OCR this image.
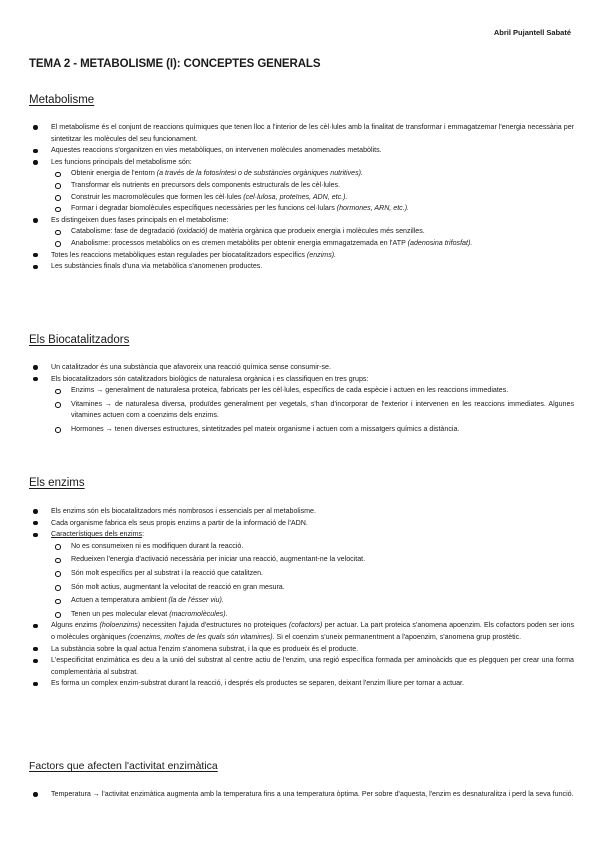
Abril Pujantell Sabaté
TEMA 2 - METABOLISME (I): CONCEPTES GENERALS
Metabolisme
El metabolisme és el conjunt de reaccions químiques que tenen lloc a l'interior de les cèl·lules amb la finalitat de transformar i emmagatzemar l'energia necessària per sintetitzar les molècules del seu funcionament.
Aquestes reaccions s'organitzen en vies metabòliques, on intervenen molècules anomenades metabòlits.
Les funcions principals del metabolisme són:
Obtenir energia de l'entorn (a través de la fotosíntesi o de substàncies orgàniques nutritives).
Transformar els nutrients en precursors dels components estructurals de les cèl·lules.
Construir les macromolècules que formen les cèl·lules (cel·lulosa, proteïnes, ADN, etc.).
Formar i degradar biomolècules específiques necessàries per les funcions cel·lulars (hormones, ARN, etc.).
Es distingeixen dues fases principals en el metabolisme:
Catabolisme: fase de degradació (oxidació) de matèria orgànica que produeix energia i molècules més senzilles.
Anabolisme: processos metabòlics on es cremen metabòlits per obtenir energia emmagatzemada en l'ATP (adenosina trifosfat).
Totes les reaccions metabòliques estan regulades per biocatalitzadors específics (enzims).
Les substàncies finals d'una via metabòlica s'anomenen productes.
Els Biocatalitzadors
Un catalitzador és una substància que afavoreix una reacció química sense consumir-se.
Els biocatalitzadors són catalitzadors biològics de naturalesa orgànica i es classifiquen en tres grups:
Enzims → generalment de naturalesa proteica, fabricats per les cèl·lules, específics de cada espècie i actuen en les reaccions immediates.
Vitamines → de naturalesa diversa, produïdes generalment per vegetals, s'han d'incorporar de l'exterior i intervenen en les reaccions immediates. Algunes vitamines actuen com a coenzims dels enzims.
Hormones → tenen diverses estructures, sintetitzades pel mateix organisme i actuen com a missatgers químics a distància.
Els enzims
Els enzims són els biocatalitzadors més nombrosos i essencials per al metabolisme.
Cada organisme fabrica els seus propis enzims a partir de la informació de l'ADN.
Característiques dels enzims:
No es consumeixen ni es modifiquen durant la reacció.
Redueixen l'energia d'activació necessària per iniciar una reacció, augmentant-ne la velocitat.
Són molt específics per al substrat i la reacció que catalitzen.
Són molt actius, augmentant la velocitat de reacció en gran mesura.
Actuen a temperatura ambient (la de l'ésser viu).
Tenen un pes molecular elevat (macromolècules).
Alguns enzims (holoenzims) necessiten l'ajuda d'estructures no proteiques (cofactors) per actuar. La part proteica s'anomena apoenzim. Els cofactors poden ser ions o molècules orgàniques (coenzims, moltes de les quals són vitamines). Si el coenzim s'uneix permanentment a l'apoenzim, s'anomena grup prostètic.
La substància sobre la qual actua l'enzim s'anomena substrat, i la que es produeix és el producte.
L'especificitat enzimàtica es deu a la unió del substrat al centre actiu de l'enzim, una regió específica formada per aminoàcids que es plegquen per crear una forma complementària al substrat.
Es forma un complex enzim-substrat durant la reacció, i després els productes se separen, deixant l'enzim lliure per tornar a actuar.
Factors que afecten l'activitat enzimàtica
Temperatura → l'activitat enzimàtica augmenta amb la temperatura fins a una temperatura òptima. Per sobre d'aquesta, l'enzim es desnaturalitza i perd la seva funció.
